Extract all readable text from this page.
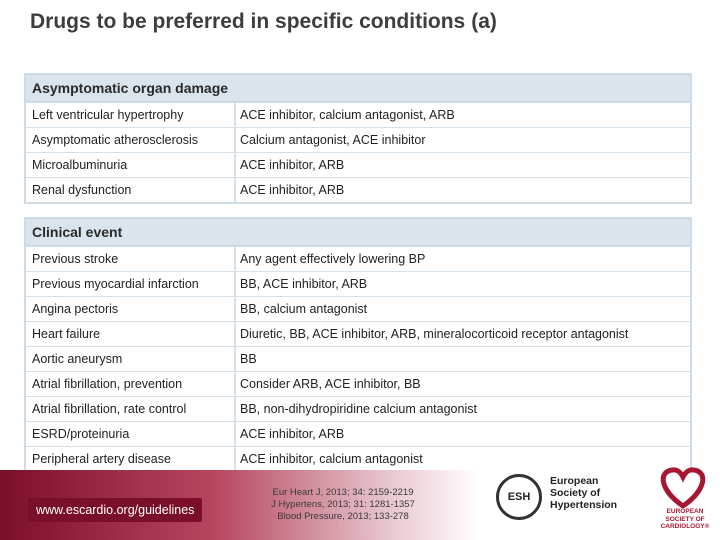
Drugs to be preferred in specific conditions (a)
Asymptomatic organ damage
Left ventricular hypertrophy	ACE inhibitor, calcium antagonist, ARB
Asymptomatic atherosclerosis	Calcium antagonist, ACE inhibitor
Microalbuminuria	ACE inhibitor, ARB
Renal dysfunction	ACE inhibitor, ARB
Clinical event
Previous stroke	Any agent effectively lowering BP
Previous myocardial infarction	BB, ACE inhibitor, ARB
Angina pectoris	BB, calcium antagonist
Heart failure	Diuretic, BB, ACE inhibitor, ARB, mineralocorticoid receptor antagonist
Aortic aneurysm	BB
Atrial fibrillation, prevention	Consider ARB, ACE inhibitor, BB
Atrial fibrillation, rate control	BB, non-dihydropiridine calcium antagonist
ESRD/proteinuria	ACE inhibitor, ARB
Peripheral artery disease	ACE inhibitor, calcium antagonist
www.escardio.org/guidelines
Eur Heart J, 2013; 34: 2159-2219
J Hypertens, 2013; 31: 1281-1357
Blood Pressure, 2013; 133-278
ESH
European
Society of
Hypertension
EUROPEAN
SOCIETY OF
CARDIOLOGY®
